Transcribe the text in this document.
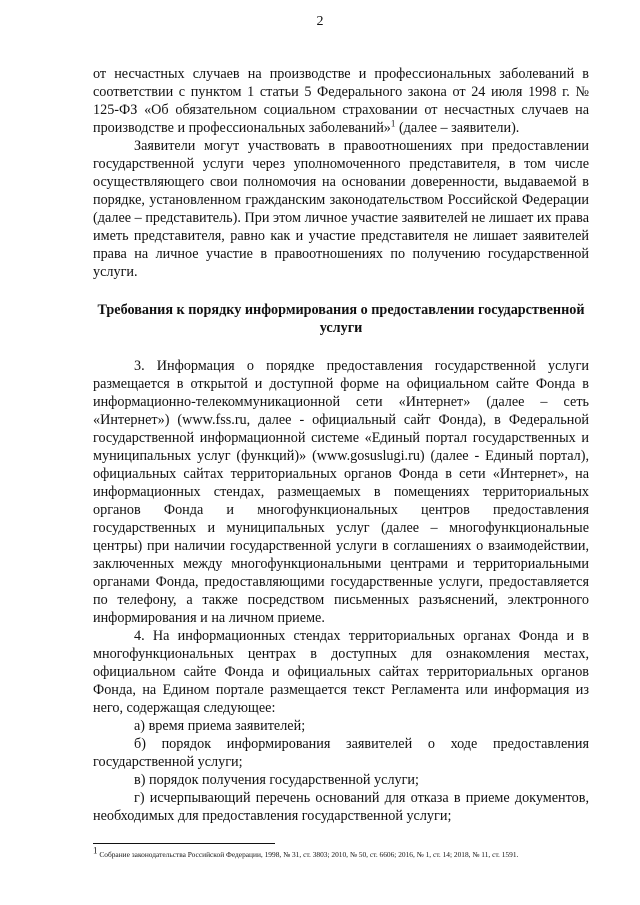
2

от несчастных случаев на производстве и профессиональных заболеваний в соответствии с пунктом 1 статьи 5 Федерального закона от 24 июля 1998 г. № 125-ФЗ «Об обязательном социальном страховании от несчастных случаев на производстве и профессиональных заболеваний»$^1$ (далее – заявители).

Заявители могут участвовать в правоотношениях при предоставлении государственной услуги через уполномоченного представителя, в том числе осуществляющего свои полномочия на основании доверенности, выдаваемой в порядке, установленном гражданским законодательством Российской Федерации (далее – представитель). При этом личное участие заявителей не лишает их права иметь представителя, равно как и участие представителя не лишает заявителей права на личное участие в правоотношениях по получению государственной услуги.

Требования к порядку информирования о предоставлении государственной услуги

3. Информация о порядке предоставления государственной услуги размещается в открытой и доступной форме на официальном сайте Фонда в информационно-телекоммуникационной сети «Интернет» (далее – сеть «Интернет») (www.fss.ru, далее - официальный сайт Фонда), в Федеральной государственной информационной системе «Единый портал государственных и муниципальных услуг (функций)» (www.gosuslugi.ru) (далее - Единый портал), официальных сайтах территориальных органов Фонда в сети «Интернет», на информационных стендах, размещаемых в помещениях территориальных органов Фонда и многофункциональных центров предоставления государственных и муниципальных услуг (далее – многофункциональные центры) при наличии государственной услуги в соглашениях о взаимодействии, заключенных между многофункциональными центрами и территориальными органами Фонда, предоставляющими государственные услуги, предоставляется по телефону, а также посредством письменных разъяснений, электронного информирования и на личном приеме.

4. На информационных стендах территориальных органах Фонда и в многофункциональных центрах в доступных для ознакомления местах, официальном сайте Фонда и официальных сайтах территориальных органов Фонда, на Едином портале размещается текст Регламента или информация из него, содержащая следующее:

а) время приема заявителей;

б) порядок информирования заявителей о ходе предоставления государственной услуги;

в) порядок получения государственной услуги;

г) исчерпывающий перечень оснований для отказа в приеме документов, необходимых для предоставления государственной услуги;

$^1$ Собрание законодательства Российской Федерации, 1998, № 31, ст. 3803; 2010, № 50, ст. 6606; 2016, № 1, ст. 14; 2018, № 11, ст. 1591.
